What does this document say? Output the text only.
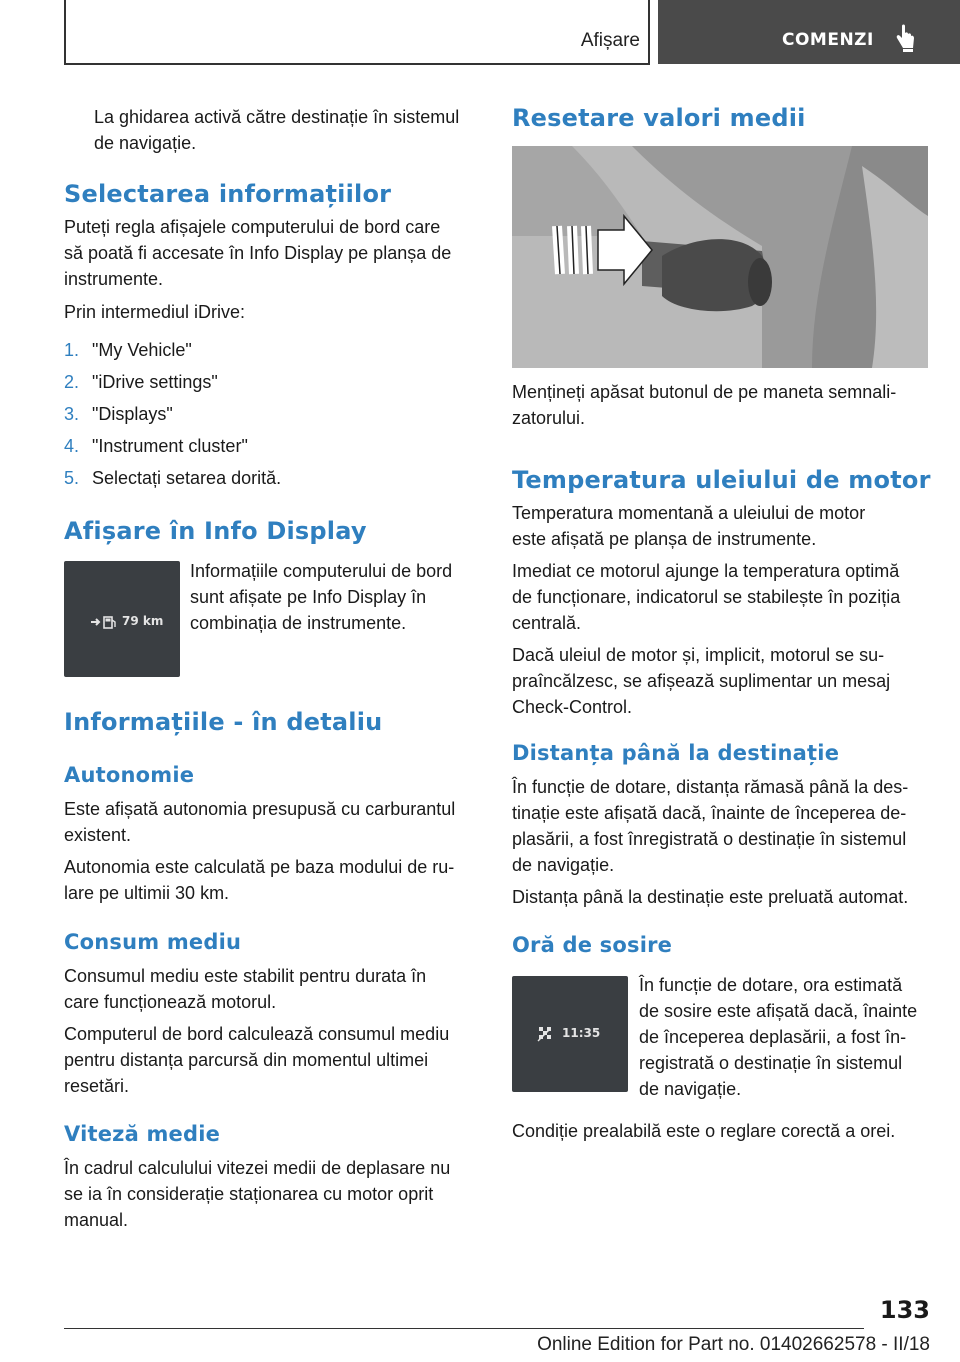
Afișare	COMENZI

La ghidarea activă către destinație în sistemul

de navigație.

Selectarea informațiilor

Puteți regla afișajele computerului de bord care

să poată fi accesate în Info Display pe planșa de

instrumente.

Prin intermediul iDrive:

1. "My Vehicle"
2. "iDrive settings"
3. "Displays"
4. "Instrument cluster"
5. Selectați setarea dorită.
Afișare în Info Display
79 km

Informațiile computerului de bord

sunt afișate pe Info Display în

combinația de instrumente.

Informațiile - în detaliu
Autonomie

Este afișată autonomia presupusă cu carburantul

existent.

Autonomia este calculată pe baza modului de ru-

lare pe ultimii 30 km.

Consum mediu

Consumul mediu este stabilit pentru durata în

care funcționează motorul.

Computerul de bord calculează consumul mediu

pentru distanța parcursă din momentul ultimei

resetări.

Viteză medie

În cadrul calculului vitezei medii de deplasare nu

se ia în considerație staționarea cu motor oprit

manual.

Resetare valori medii

Mențineți apăsat butonul de pe maneta semnali-

zatorului.

Temperatura uleiului de motor

Temperatura momentană a uleiului de motor

este afișată pe planșa de instrumente.

Imediat ce motorul ajunge la temperatura optimă

de funcționare, indicatorul se stabilește în poziția

centrală.

Dacă uleiul de motor și, implicit, motorul se su-

praîncălzesc, se afișează suplimentar un mesaj

Check-Control.

Distanța până la destinație

În funcție de dotare, distanța rămasă până la des-

tinație este afișată dacă, înainte de începerea de-

plasării, a fost înregistrată o destinație în sistemul

de navigație.

Distanța până la destinație este preluată automat.

Oră de sosire
11:35

În funcție de dotare, ora estimată

de sosire este afișată dacă, înainte

de începerea deplasării, a fost în-

registrată o destinație în sistemul

de navigație.

Condiție prealabilă este o reglare corectă a orei.

133
Online Edition for Part no. 01402662578 - II/18
